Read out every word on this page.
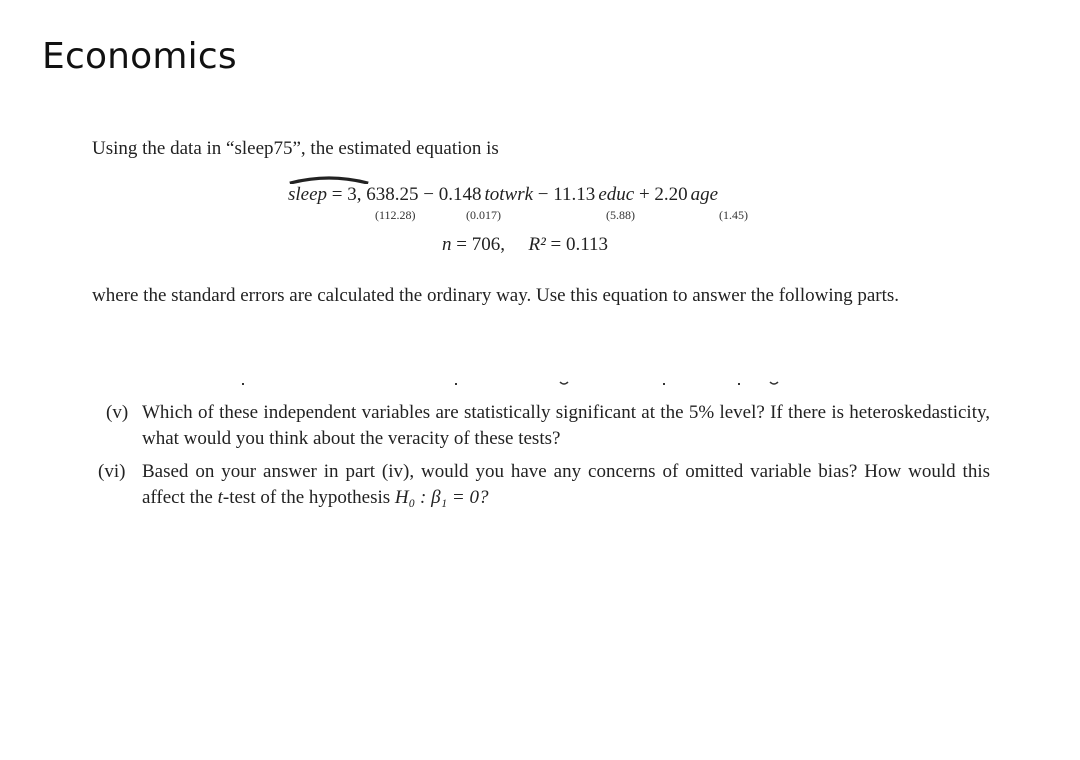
Economics
Using the data in “sleep75”, the estimated equation is
sleep = 3, 638.25 − 0.148 totwrk − 11.13 educ + 2.20 age
(112.28)	(0.017)	(5.88)	(1.45)
n = 706, R² = 0.113
where the standard errors are calculated the ordinary way. Use this equation to answer the following parts.
(v) Which of these independent variables are statistically significant at the 5% level? If there is heteroskedasticity, what would you think about the veracity of these tests?
(vi) Based on your answer in part (iv), would you have any concerns of omitted variable bias? How would this affect the t-test of the hypothesis H₀ : β₁ = 0?
